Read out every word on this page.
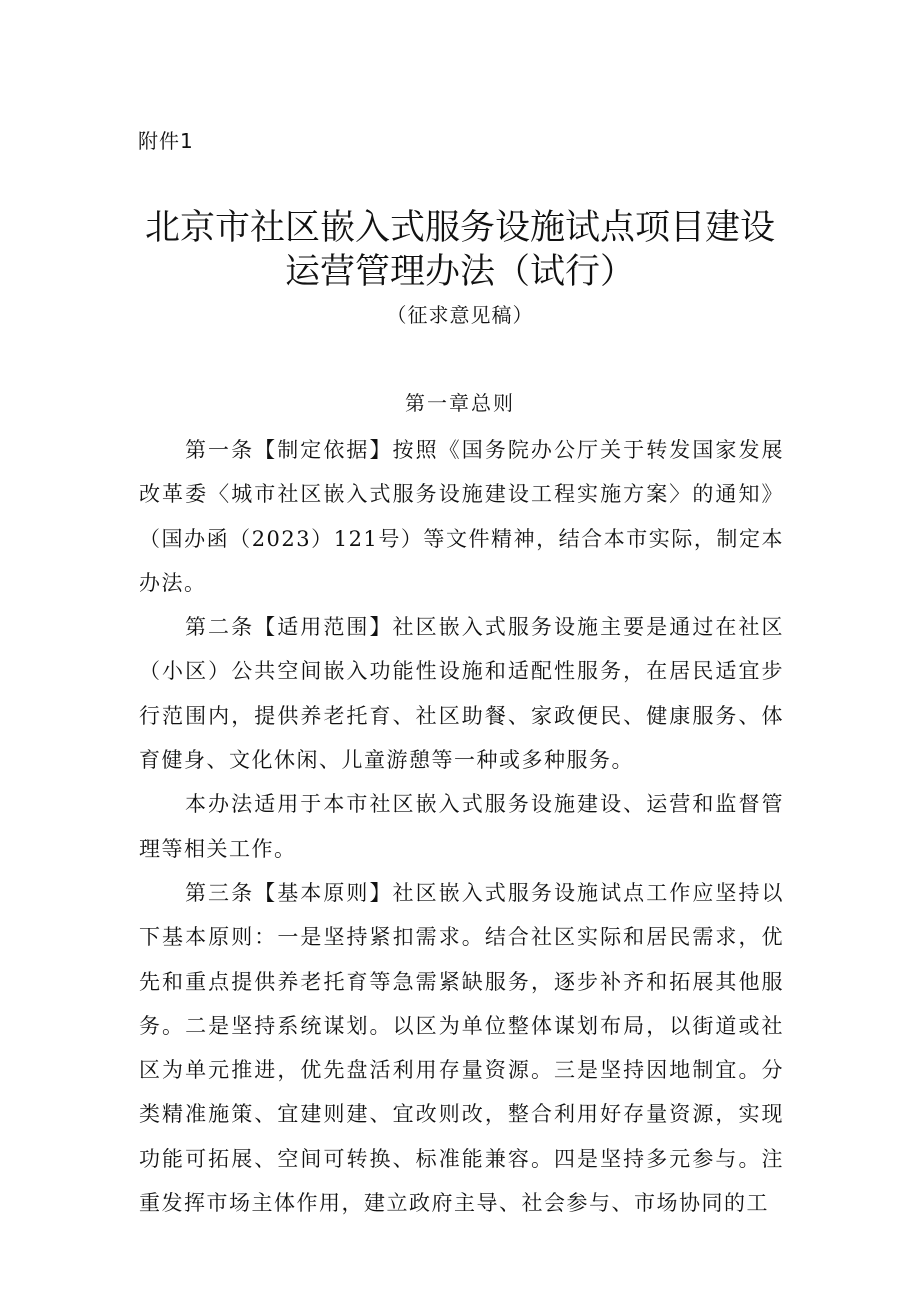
附件1
北京市社区嵌入式服务设施试点项目建设
运营管理办法（试行）
（征求意见稿）
第一章总则

第一条【制定依据】按照《国务院办公厅关于转发国家发展改革委〈城市社区嵌入式服务设施建设工程实施方案〉的通知》（国办函（2023）121号）等文件精神，结合本市实际，制定本办法。

第二条【适用范围】社区嵌入式服务设施主要是通过在社区（小区）公共空间嵌入功能性设施和适配性服务，在居民适宜步行范围内，提供养老托育、社区助餐、家政便民、健康服务、体育健身、文化休闲、儿童游憩等一种或多种服务。

本办法适用于本市社区嵌入式服务设施建设、运营和监督管理等相关工作。

第三条【基本原则】社区嵌入式服务设施试点工作应坚持以下基本原则：一是坚持紧扣需求。结合社区实际和居民需求，优先和重点提供养老托育等急需紧缺服务，逐步补齐和拓展其他服务。二是坚持系统谋划。以区为单位整体谋划布局，以街道或社区为单元推进，优先盘活利用存量资源。三是坚持因地制宜。分类精准施策、宜建则建、宜改则改，整合利用好存量资源，实现功能可拓展、空间可转换、标准能兼容。四是坚持多元参与。注重发挥市场主体作用，建立政府主导、社会参与、市场协同的工
